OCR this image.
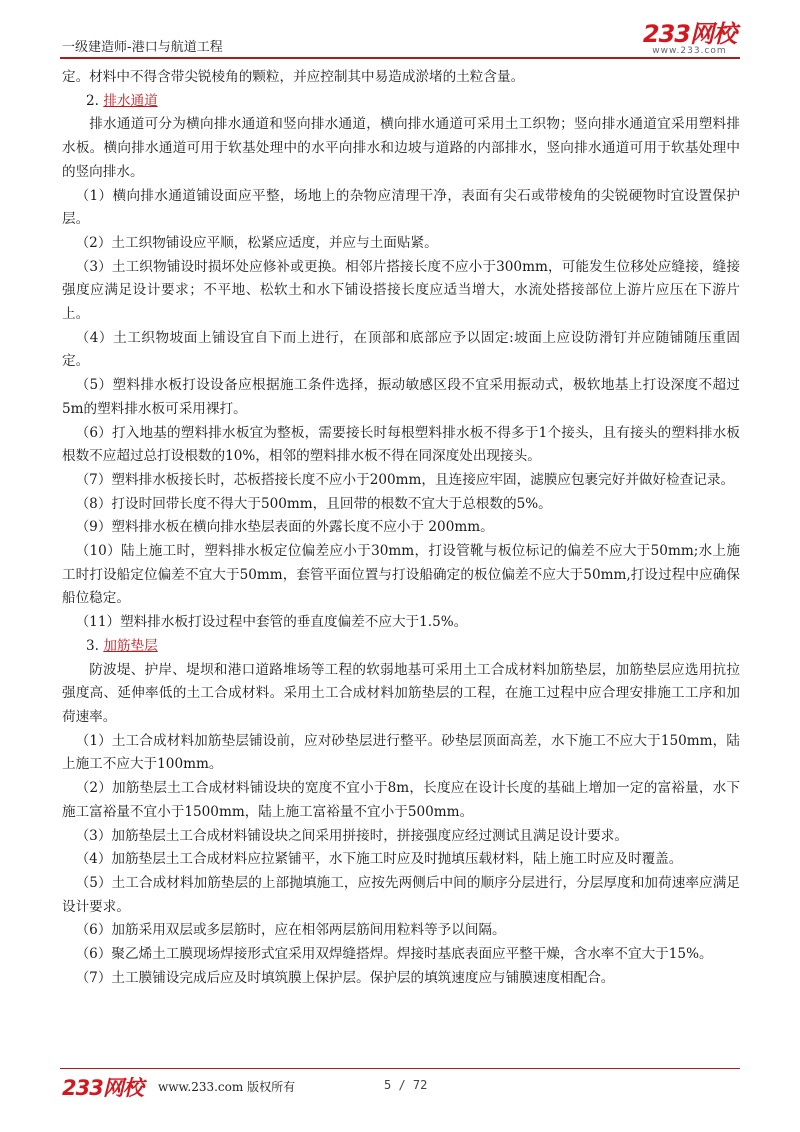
一级建造师-港口与航道工程	233网校
www.233.com

定。材料中不得含带尖锐棱角的颗粒，并应控制其中易造成淤堵的土粒含量。

2. 排水通道

排水通道可分为横向排水通道和竖向排水通道，横向排水通道可采用土工织物；竖向排水通道宜采用塑料排水板。横向排水通道可用于软基处理中的水平向排水和边坡与道路的内部排水，竖向排水通道可用于软基处理中的竖向排水。

（1）横向排水通道铺设面应平整，场地上的杂物应清理干净，表面有尖石或带棱角的尖锐硬物时宜设置保护层。

（2）土工织物铺设应平顺，松紧应适度，并应与土面贴紧。

（3）土工织物铺设时损坏处应修补或更换。相邻片搭接长度不应小于300mm，可能发生位移处应缝接，缝接强度应满足设计要求；不平地、松软土和水下铺设搭接长度应适当增大，水流处搭接部位上游片应压在下游片上。

（4）土工织物坡面上铺设宜自下而上进行，在顶部和底部应予以固定:坡面上应设防滑钉并应随铺随压重固定。

（5）塑料排水板打设设备应根据施工条件选择，振动敏感区段不宜采用振动式，极软地基上打设深度不超过5m的塑料排水板可采用裸打。

（6）打入地基的塑料排水板宜为整板，需要接长时每根塑料排水板不得多于1个接头，且有接头的塑料排水板根数不应超过总打设根数的10%，相邻的塑料排水板不得在同深度处出现接头。

（7）塑料排水板接长时，芯板搭接长度不应小于200mm，且连接应牢固，滤膜应包裹完好并做好检查记录。

（8）打设时回带长度不得大于500mm，且回带的根数不宜大于总根数的5%。

（9）塑料排水板在横向排水垫层表面的外露长度不应小于 200mm。

（10）陆上施工时，塑料排水板定位偏差应小于30mm，打设管靴与板位标记的偏差不应大于50mm;水上施工时打设船定位偏差不宜大于50mm，套管平面位置与打设船确定的板位偏差不应大于50mm,打设过程中应确保船位稳定。

（11）塑料排水板打设过程中套管的垂直度偏差不应大于1.5%。

3. 加筋垫层

防波堤、护岸、堤坝和港口道路堆场等工程的软弱地基可采用土工合成材料加筋垫层，加筋垫层应选用抗拉强度高、延伸率低的土工合成材料。采用土工合成材料加筋垫层的工程，在施工过程中应合理安排施工工序和加荷速率。

（1）土工合成材料加筋垫层铺设前，应对砂垫层进行整平。砂垫层顶面高差，水下施工不应大于150mm，陆上施工不应大于100mm。

（2）加筋垫层土工合成材料铺设块的宽度不宜小于8m，长度应在设计长度的基础上增加一定的富裕量，水下施工富裕量不宜小于1500mm，陆上施工富裕量不宜小于500mm。

（3）加筋垫层土工合成材料铺设块之间采用拼接时，拼接强度应经过测试且满足设计要求。

（4）加筋垫层土工合成材料应拉紧铺平，水下施工时应及时抛填压载材料，陆上施工时应及时覆盖。

（5）土工合成材料加筋垫层的上部抛填施工，应按先两侧后中间的顺序分层进行，分层厚度和加荷速率应满足设计要求。

（6）加筋采用双层或多层筋时，应在相邻两层筋间用粒料等予以间隔。

（6）聚乙烯土工膜现场焊接形式宜采用双焊缝搭焊。焊接时基底表面应平整干燥，含水率不宜大于15%。

（7）土工膜铺设完成后应及时填筑膜上保护层。保护层的填筑速度应与铺膜速度相配合。

233网校 www.233.com 版权所有	5 / 72
